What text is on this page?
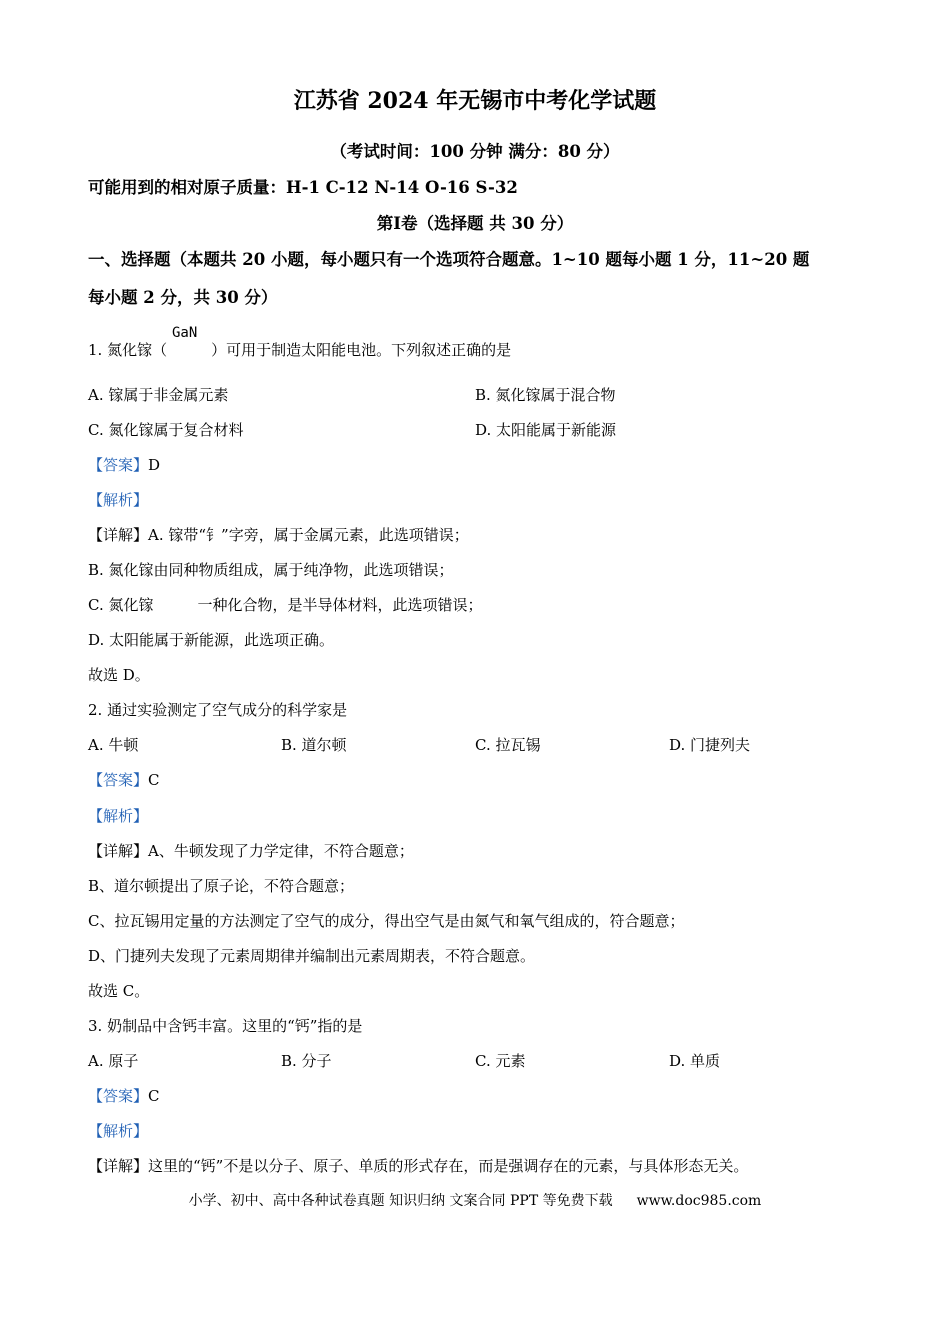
江苏省 2024 年无锡市中考化学试题
（考试时间：100 分钟 满分：80 分）
可能用到的相对原子质量：H-1 C-12 N-14 O-16 S-32
第Ⅰ卷（选择题 共 30 分）
一、选择题（本题共 20 小题，每小题只有一个选项符合题意。1~10 题每小题 1 分，11~20 题
每小题 2 分，共 30 分）
GaN
1. 氮化镓（	）可用于制造太阳能电池。下列叙述正确的是
A. 镓属于非金属元素	B. 氮化镓属于混合物
C. 氮化镓属于复合材料	D. 太阳能属于新能源
【答案】D
【解析】
【详解】A. 镓带“钅”字旁，属于金属元素，此选项错误；
B. 氮化镓由同种物质组成，属于纯净物，此选项错误；
C. 氮化镓	一种化合物，是半导体材料，此选项错误；
D. 太阳能属于新能源，此选项正确。
故选 D。
2. 通过实验测定了空气成分的科学家是
A. 牛顿	B. 道尔顿	C. 拉瓦锡	D. 门捷列夫
【答案】C
【解析】
【详解】A、牛顿发现了力学定律，不符合题意；
B、道尔顿提出了原子论，不符合题意；
C、拉瓦锡用定量的方法测定了空气的成分，得出空气是由氮气和氧气组成的，符合题意；
D、门捷列夫发现了元素周期律并编制出元素周期表，不符合题意。
故选 C。
3. 奶制品中含钙丰富。这里的“钙”指的是
A. 原子	B. 分子	C. 元素	D. 单质
【答案】C
【解析】
【详解】这里的“钙”不是以分子、原子、单质的形式存在，而是强调存在的元素，与具体形态无关。
小学、初中、高中各种试卷真题 知识归纳 文案合同 PPT 等免费下载 www.doc985.com
